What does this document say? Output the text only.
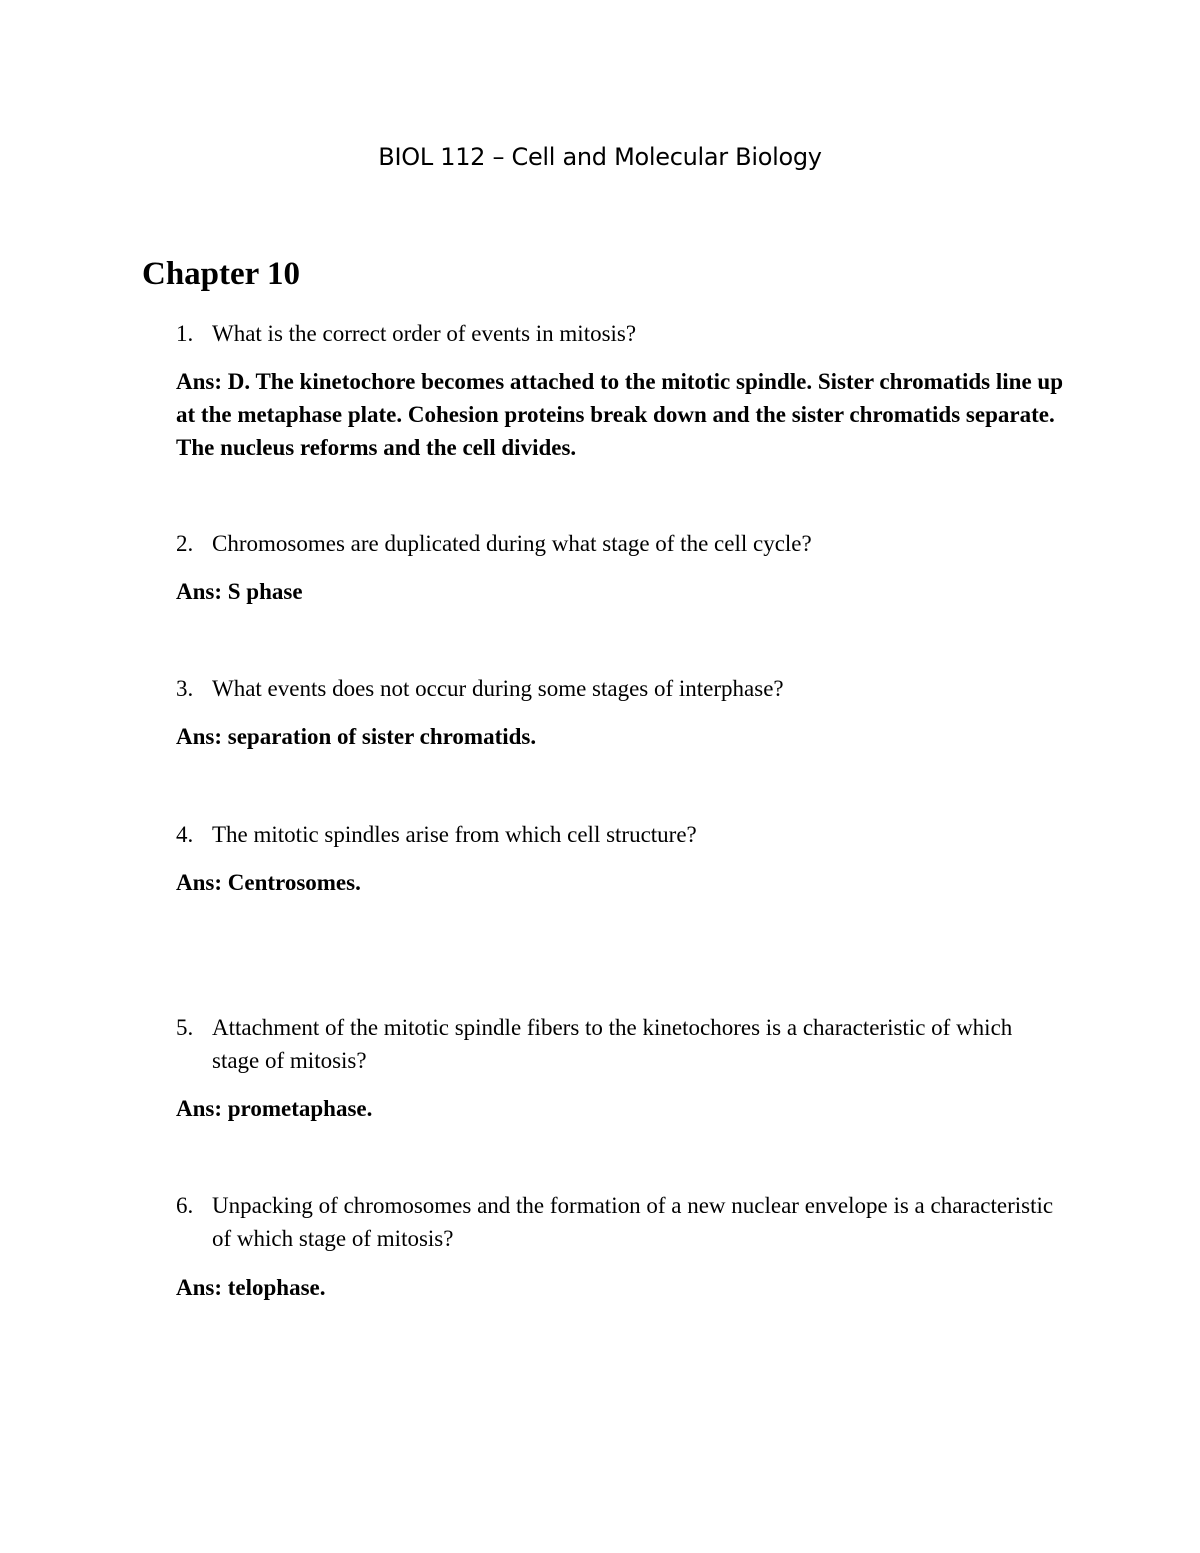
BIOL 112 – Cell and Molecular Biology
Chapter 10
1. What is the correct order of events in mitosis?
Ans: D. The kinetochore becomes attached to the mitotic spindle. Sister chromatids line up at the metaphase plate. Cohesion proteins break down and the sister chromatids separate. The nucleus reforms and the cell divides.
2. Chromosomes are duplicated during what stage of the cell cycle?
Ans: S phase
3. What events does not occur during some stages of interphase?
Ans: separation of sister chromatids.
4. The mitotic spindles arise from which cell structure?
Ans: Centrosomes.
5. Attachment of the mitotic spindle fibers to the kinetochores is a characteristic of which stage of mitosis?
Ans: prometaphase.
6. Unpacking of chromosomes and the formation of a new nuclear envelope is a characteristic of which stage of mitosis?
Ans: telophase.
